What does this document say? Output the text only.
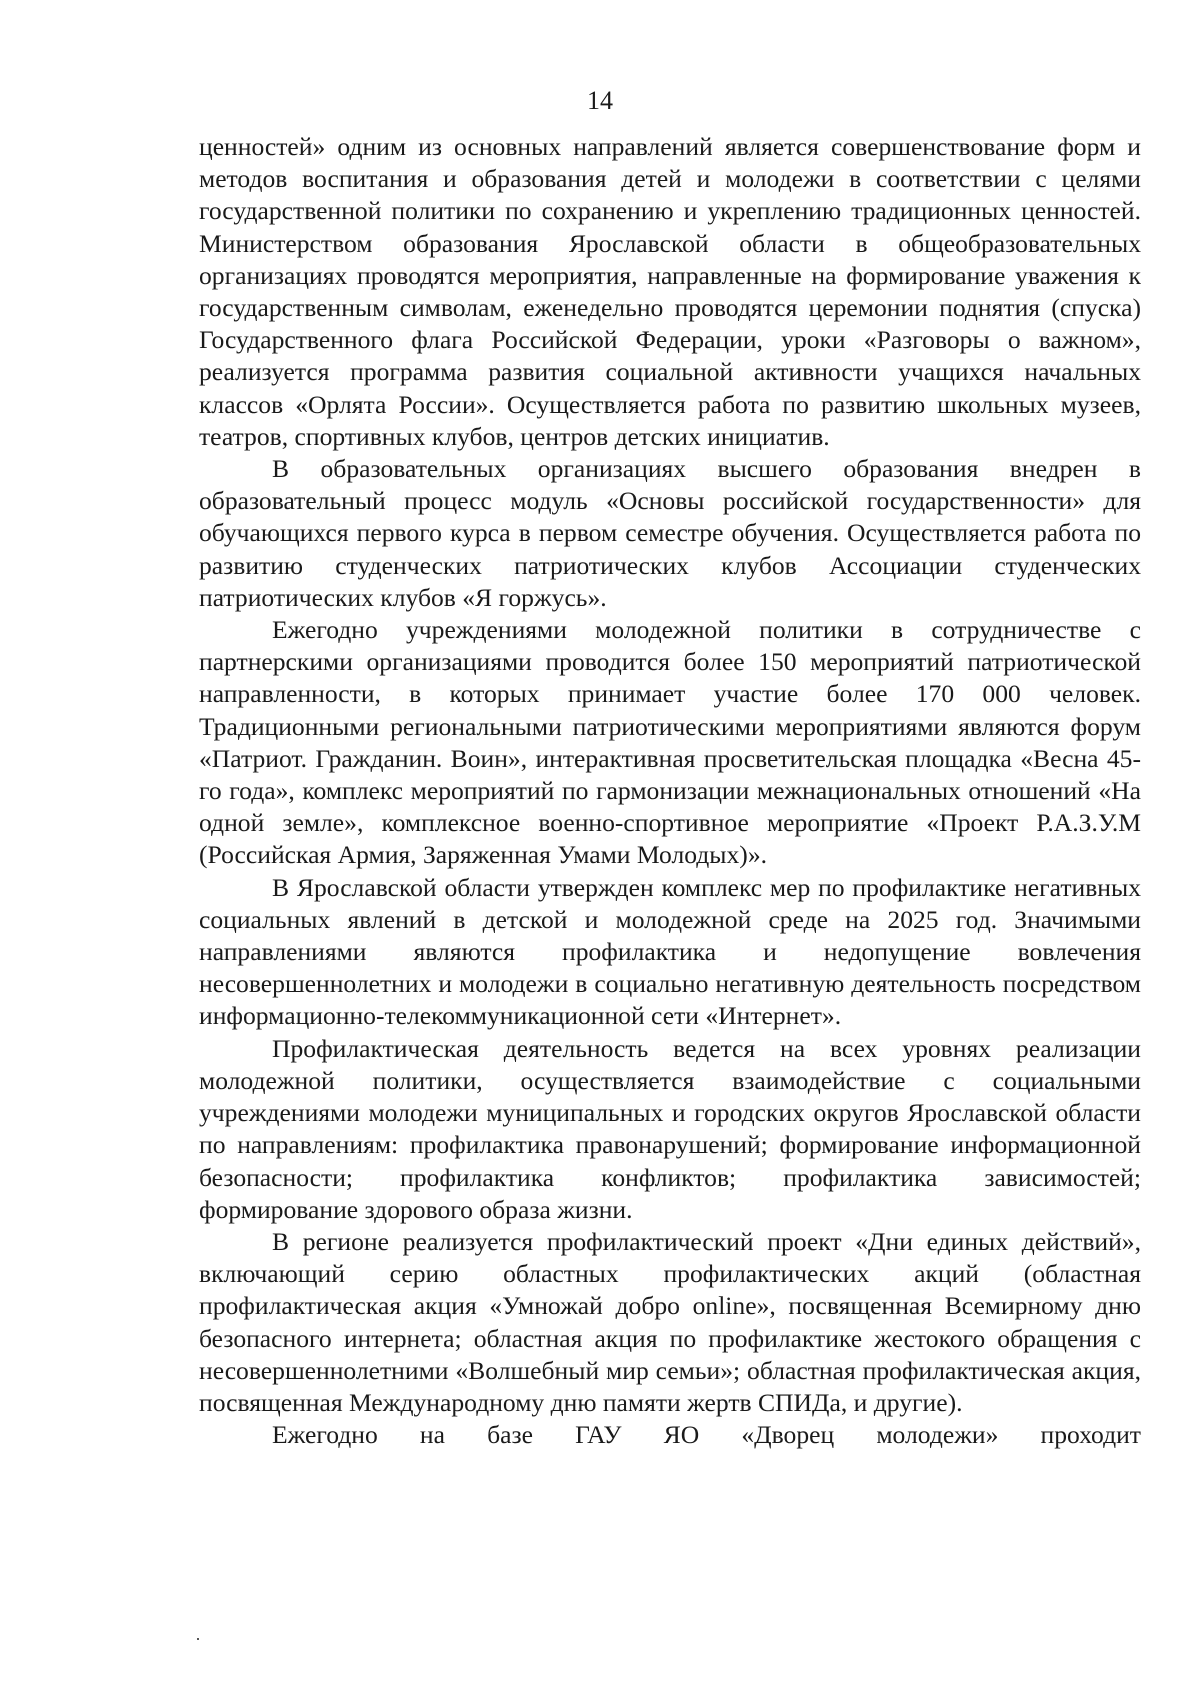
14

ценностей» одним из основных направлений является совершенствование форм и методов воспитания и образования детей и молодежи в соответствии с целями государственной политики по сохранению и укреплению традиционных ценностей. Министерством образования Ярославской области в общеобразовательных организациях проводятся мероприятия, направленные на формирование уважения к государственным символам, еженедельно проводятся церемонии поднятия (спуска) Государственного флага Российской Федерации, уроки «Разговоры о важном», реализуется программа развития социальной активности учащихся начальных классов «Орлята России». Осуществляется работа по развитию школьных музеев, театров, спортивных клубов, центров детских инициатив.

В образовательных организациях высшего образования внедрен в образовательный процесс модуль «Основы российской государственности» для обучающихся первого курса в первом семестре обучения. Осуществляется работа по развитию студенческих патриотических клубов Ассоциации студенческих патриотических клубов «Я горжусь».

Ежегодно учреждениями молодежной политики в сотрудничестве с партнерскими организациями проводится более 150 мероприятий патриотической направленности, в которых принимает участие более 170 000 человек. Традиционными региональными патриотическими мероприятиями являются форум «Патриот. Гражданин. Воин», интерактивная просветительская площадка «Весна 45-го года», комплекс мероприятий по гармонизации межнациональных отношений «На одной земле», комплексное военно-спортивное мероприятие «Проект Р.А.З.У.М (Российская Армия, Заряженная Умами Молодых)».

В Ярославской области утвержден комплекс мер по профилактике негативных социальных явлений в детской и молодежной среде на 2025 год. Значимыми направлениями являются профилактика и недопущение вовлечения несовершеннолетних и молодежи в социально негативную деятельность посредством информационно-телекоммуникационной сети «Интернет».

Профилактическая деятельность ведется на всех уровнях реализации молодежной политики, осуществляется взаимодействие с социальными учреждениями молодежи муниципальных и городских округов Ярославской области по направлениям: профилактика правонарушений; формирование информационной безопасности; профилактика конфликтов; профилактика зависимостей; формирование здорового образа жизни.

В регионе реализуется профилактический проект «Дни единых действий», включающий серию областных профилактических акций (областная профилактическая акция «Умножай добро online», посвященная Всемирному дню безопасного интернета; областная акция по профилактике жестокого обращения с несовершеннолетними «Волшебный мир семьи»; областная профилактическая акция, посвященная Международному дню памяти жертв СПИДа, и другие).

Ежегодно на базе ГАУ ЯО «Дворец молодежи» проходит
